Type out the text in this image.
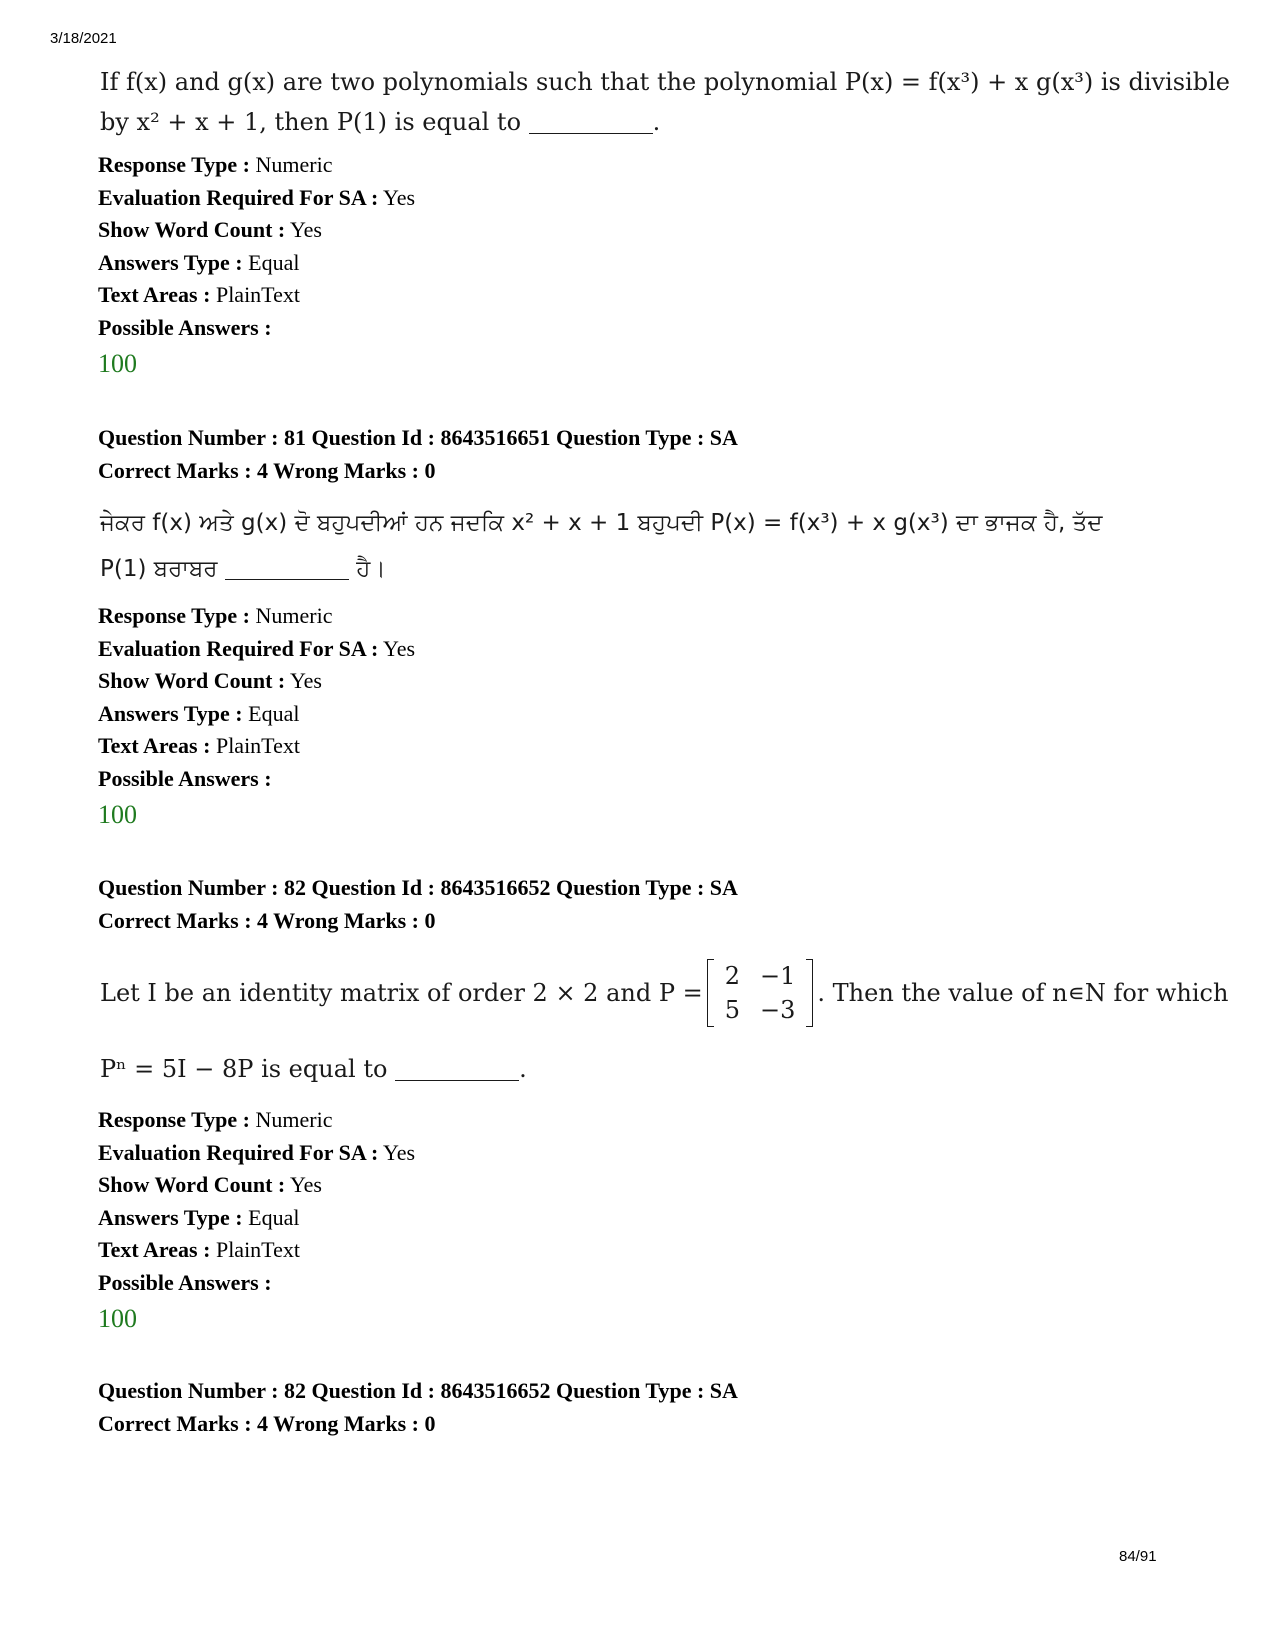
3/18/2021
If f(x) and g(x) are two polynomials such that the polynomial P(x) = f(x³) + x g(x³) is divisible
by x² + x + 1, then P(1) is equal to	.
Response Type : Numeric
Evaluation Required For SA : Yes
Show Word Count : Yes
Answers Type : Equal
Text Areas : PlainText
Possible Answers :
100
Question Number : 81 Question Id : 8643516651 Question Type : SA
Correct Marks : 4 Wrong Marks : 0
ਜੇਕਰ f(x) ਅਤੇ g(x) ਦੋ ਬਹੁਪਦੀਆਂ ਹਨ ਜਦਕਿ x² + x + 1 ਬਹੁਪਦੀ P(x) = f(x³) + x g(x³) ਦਾ ਭਾਜਕ ਹੈ, ਤੱਦ
P(1) ਬਰਾਬਰ	ਹੈ।
Response Type : Numeric
Evaluation Required For SA : Yes
Show Word Count : Yes
Answers Type : Equal
Text Areas : PlainText
Possible Answers :
100
Question Number : 82 Question Id : 8643516652 Question Type : SA
Correct Marks : 4 Wrong Marks : 0
Let I be an identity matrix of order 2 × 2 and P =
2	−1
5	−3
. Then the value of n∊N for which
Pⁿ = 5I − 8P is equal to	.
Response Type : Numeric
Evaluation Required For SA : Yes
Show Word Count : Yes
Answers Type : Equal
Text Areas : PlainText
Possible Answers :
100
Question Number : 82 Question Id : 8643516652 Question Type : SA
Correct Marks : 4 Wrong Marks : 0
84/91
